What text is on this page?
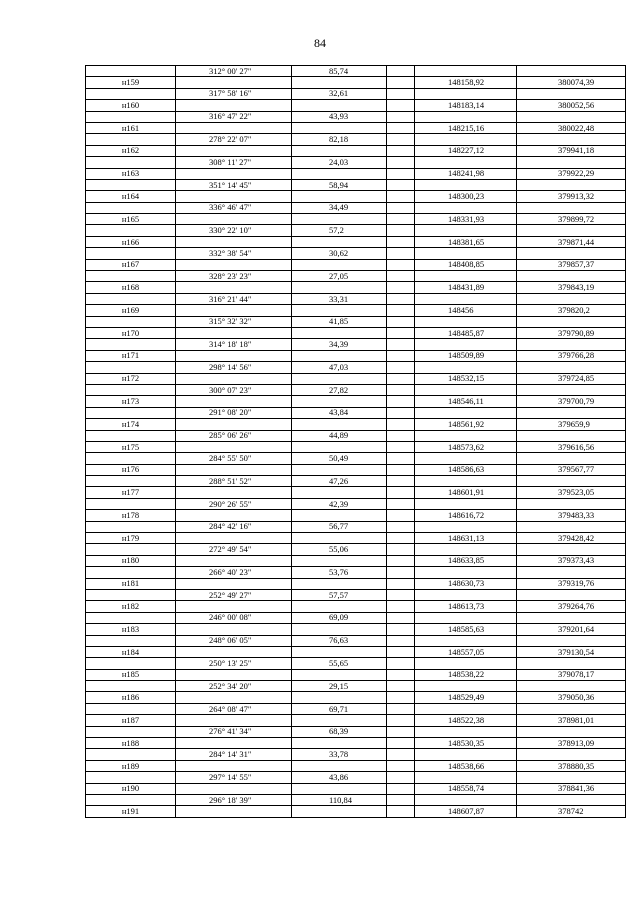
84
	312° 00' 27"	85,74			
н159				148158,92	380074,39
	317° 58' 16"	32,61			
н160				148183,14	380052,56
	316° 47' 22"	43,93			
н161				148215,16	380022,48
	278° 22' 07"	82,18			
н162				148227,12	379941,18
	308° 11' 27"	24,03			
н163				148241,98	379922,29
	351° 14' 45"	58,94			
н164				148300,23	379913,32
	336° 46' 47"	34,49			
н165				148331,93	379899,72
	330° 22' 10"	57,2			
н166				148381,65	379871,44
	332° 38' 54"	30,62			
н167				148408,85	379857,37
	328° 23' 23"	27,05			
н168				148431,89	379843,19
	316° 21' 44"	33,31			
н169				148456	379820,2
	315° 32' 32"	41,85			
н170				148485,87	379790,89
	314° 18' 18"	34,39			
н171				148509,89	379766,28
	298° 14' 56"	47,03			
н172				148532,15	379724,85
	300° 07' 23"	27,82			
н173				148546,11	379700,79
	291° 08' 20"	43,84			
н174				148561,92	379659,9
	285° 06' 26"	44,89			
н175				148573,62	379616,56
	284° 55' 50"	50,49			
н176				148586,63	379567,77
	288° 51' 52"	47,26			
н177				148601,91	379523,05
	290° 26' 55"	42,39			
н178				148616,72	379483,33
	284° 42' 16"	56,77			
н179				148631,13	379428,42
	272° 49' 54"	55,06			
н180				148633,85	379373,43
	266° 40' 23"	53,76			
н181				148630,73	379319,76
	252° 49' 27"	57,57			
н182				148613,73	379264,76
	246° 00' 08"	69,09			
н183				148585,63	379201,64
	248° 06' 05"	76,63			
н184				148557,05	379130,54
	250° 13' 25"	55,65			
н185				148538,22	379078,17
	252° 34' 20"	29,15			
н186				148529,49	379050,36
	264° 08' 47"	69,71			
н187				148522,38	378981,01
	276° 41' 34"	68,39			
н188				148530,35	378913,09
	284° 14' 31"	33,78			
н189				148538,66	378880,35
	297° 14' 55"	43,86			
н190				148558,74	378841,36
	296° 18' 39"	110,84			
н191				148607,87	378742
